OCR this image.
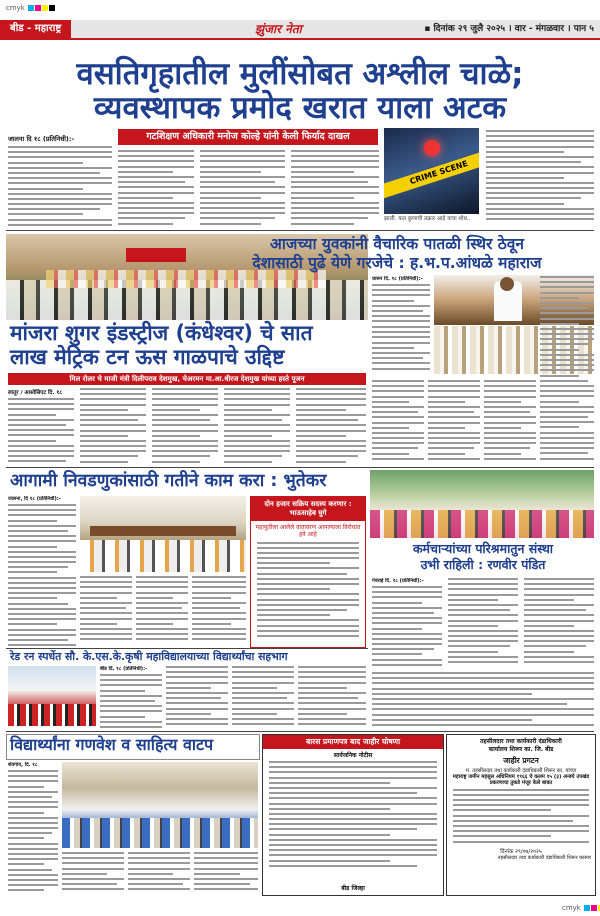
cmyk
बीड - महाराष्ट्र	झुंजार नेता	▪ दिनांक २९ जुलै २०२५ । वार - मंगळवार । पान ५
वसतिगृहातील मुलींसोबत अश्लील चाळे;
व्यवस्थापक प्रमोद खरात याला अटक
जालना दि १८ (प्रतिनिधी):-	गटशिक्षण अधिकारी मनोज कोल्हे यांनी केली फिर्याद दाखल
CRIME SCENE
झाली. यात कुणाची तक्रार आहे याचा शोध..
मांजरा शुगर इंडस्ट्रीज (कंधेश्वर) चे सात
लाख मेट्रिक टन ऊस गाळपाचे उद्दिष्ट
मिल रोलर चे माजी मंत्री दिलीपराव देशमुख, चेअरमन मा.आ.धीरज देशमुख यांच्या हस्ते पूजन
लातूर / आसोसिएट दि. १८
आजच्या युवकांनी वैचारिक पातळी स्थिर ठेवून
देशासाठी पुढे येणे गरजेचे : ह.भ.प.आंधळे महाराज
धारूर दि. १८ (प्रतिनिधी):-
आगामी निवडणुकांसाठी गतीने काम करा : भुतेकर
जालना, दि १८ (प्रतिनिधी):-
दोन हजार सक्रिय सदस्य करणार : भाऊसाहेब घुगे
महायुतीला आलेले वातावरण आपल्याला विरोधात हवे आहे
कर्मचाऱ्यांच्या परिश्रमातुन संस्था
उभी राहिली : रणवीर पंडित
गेवराई दि. १८ (प्रतिनिधी):-
रेड रन स्पर्धेत सौ. के.एस.के.कृषी महाविद्यालयाच्या विद्यार्थ्यांचा सहभाग
बीड दि. १८ (प्रतिनिधी):-
विद्यार्थ्यांना गणवेश व साहित्य वाटप
शेवगाव, दि. १८
बारस प्रमाणपत्र बाद जाहीर घोषणा
सार्वजनिक नोटीस
बीड जिल्हा
तहसीलदार तथा कार्यकारी दंडाधिकारी
कार्यालय शिरूर का. जि. बीड
जाहीर प्रगटन
म. तहसीलदार तथा कार्यकारी दंडाधिकारी शिरूर का. यांच्या
महाराष्ट्र जमीन महसुल अधिनियम १९६६ चे कलम १५ (३) अन्वये उपखंड प्रकरणाचा तुकडे मंजूर केले बाबत
दिनांक २९/०७/२०२५
तहसीलदार तथा कार्यकारी दंडाधिकारी शिरूर कासार
cmyk
